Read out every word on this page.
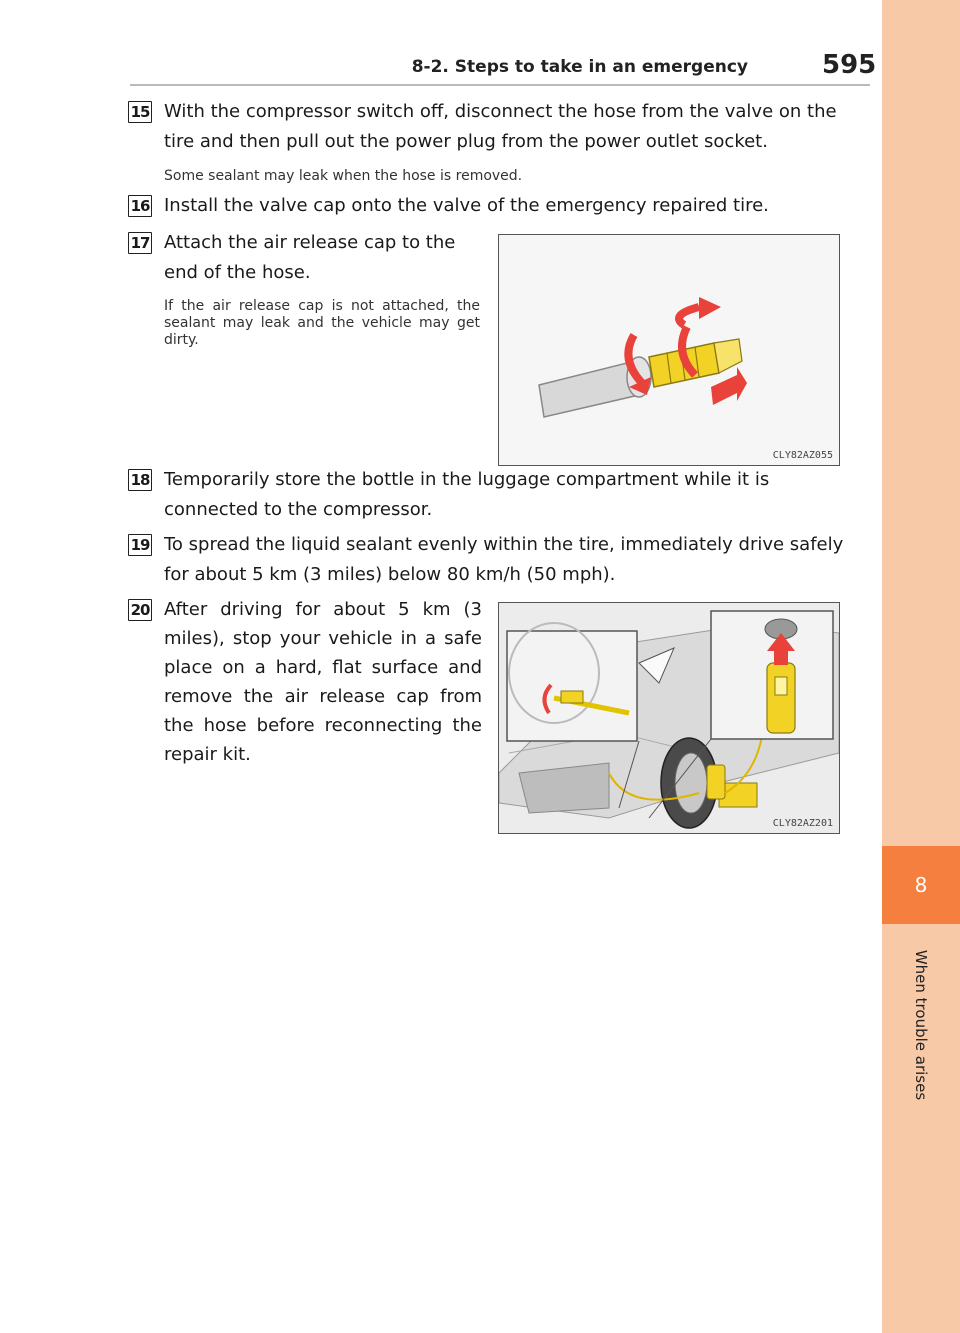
8
When trouble arises
8-2. Steps to take in an emergency	595
15 With the compressor switch off, disconnect the hose from the valve on the tire and then pull out the power plug from the power outlet socket.
Some sealant may leak when the hose is removed.
16 Install the valve cap onto the valve of the emergency repaired tire.
17 Attach the air release cap to the end of the hose.
If the air release cap is not attached, the sealant may leak and the vehicle may get dirty.
CLY82AZ055
18 Temporarily store the bottle in the luggage compartment while it is connected to the compressor.
19 To spread the liquid sealant evenly within the tire, immediately drive safely for about 5 km (3 miles) below 80 km/h (50 mph).
20 After driving for about 5 km (3 miles), stop your vehicle in a safe place on a hard, flat surface and remove the air release cap from the hose before reconnecting the repair kit.
CLY82AZ201
